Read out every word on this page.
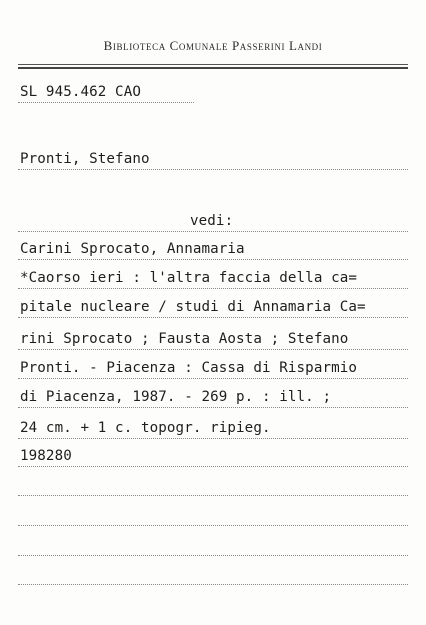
Biblioteca Comunale Passerini Landi
SL 945.462 CAO
Pronti, Stefano
vedi:
Carini Sprocato, Annamaria
*Caorso ieri : l'altra faccia della ca=
pitale nucleare / studi di Annamaria Ca=
rini Sprocato ; Fausta Aosta ; Stefano
Pronti. - Piacenza : Cassa di Risparmio
di Piacenza, 1987. - 269 p. : ill. ;
24 cm. + 1 c. topogr. ripieg.
198280
